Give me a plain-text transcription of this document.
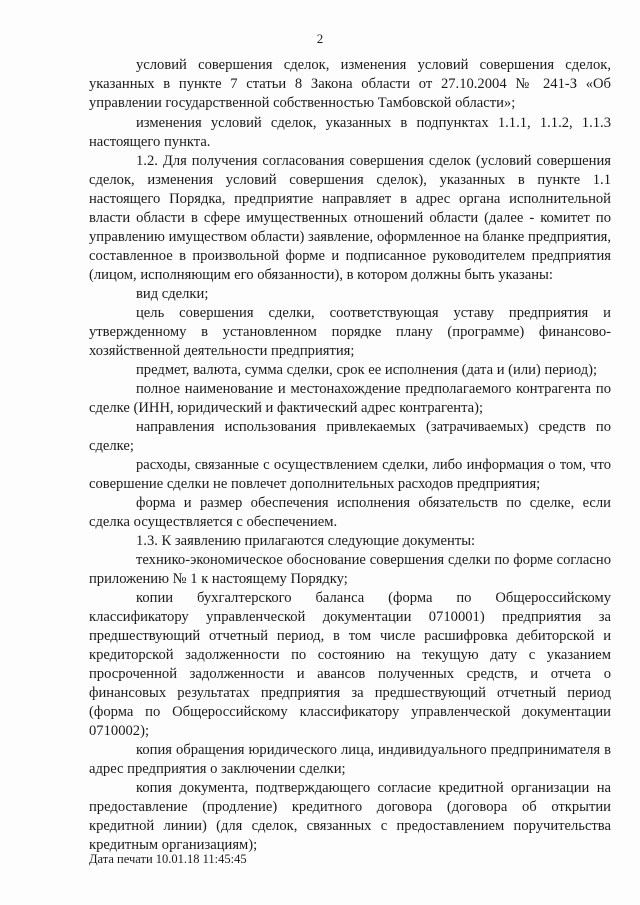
2

условий совершения сделок, изменения условий совершения сделок, указанных в пункте 7 статьи 8 Закона области от 27.10.2004 № 241-З «Об управлении государственной собственностью Тамбовской области»;

изменения условий сделок, указанных в подпунктах 1.1.1, 1.1.2, 1.1.3 настоящего пункта.

1.2. Для получения согласования совершения сделок (условий совершения сделок, изменения условий совершения сделок), указанных в пункте 1.1 настоящего Порядка, предприятие направляет в адрес органа исполнительной власти области в сфере имущественных отношений области (далее - комитет по управлению имуществом области) заявление, оформленное на бланке предприятия, составленное в произвольной форме и подписанное руководителем предприятия (лицом, исполняющим его обязанности), в котором должны быть указаны:

вид сделки;

цель совершения сделки, соответствующая уставу предприятия и утвержденному в установленном порядке плану (программе) финансово-хозяйственной деятельности предприятия;

предмет, валюта, сумма сделки, срок ее исполнения (дата и (или) период);

полное наименование и местонахождение предполагаемого контрагента по сделке (ИНН, юридический и фактический адрес контрагента);

направления использования привлекаемых (затрачиваемых) средств по сделке;

расходы, связанные с осуществлением сделки, либо информация о том, что совершение сделки не повлечет дополнительных расходов предприятия;

форма и размер обеспечения исполнения обязательств по сделке, если сделка осуществляется с обеспечением.

1.3. К заявлению прилагаются следующие документы:

технико-экономическое обоснование совершения сделки по форме согласно приложению № 1 к настоящему Порядку;

копии бухгалтерского баланса (форма по Общероссийскому классификатору управленческой документации 0710001) предприятия за предшествующий отчетный период, в том числе расшифровка дебиторской и кредиторской задолженности по состоянию на текущую дату с указанием просроченной задолженности и авансов полученных средств, и отчета о финансовых результатах предприятия за предшествующий отчетный период (форма по Общероссийскому классификатору управленческой документации 0710002);

копия обращения юридического лица, индивидуального предпринимателя в адрес предприятия о заключении сделки;

копия документа, подтверждающего согласие кредитной организации на предоставление (продление) кредитного договора (договора об открытии кредитной линии) (для сделок, связанных с предоставлением поручительства кредитным организациям);

Дата печати 10.01.18 11:45:45
